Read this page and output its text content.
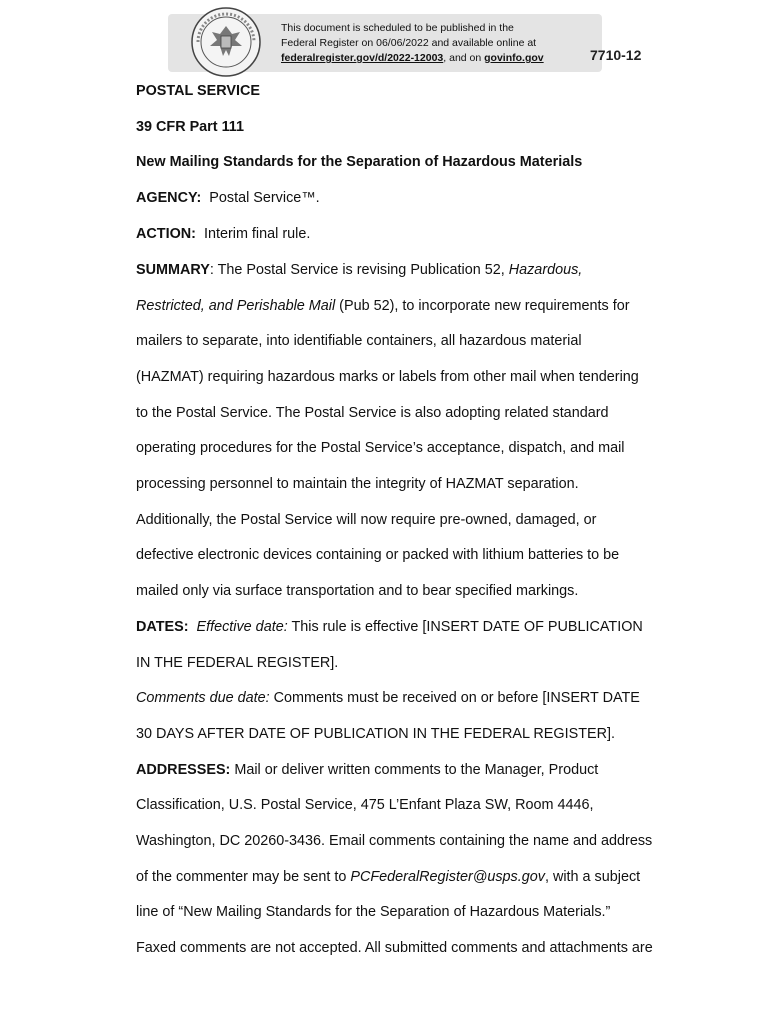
This document is scheduled to be published in the
Federal Register on 06/06/2022 and available online at
federalregister.gov/d/2022-12003, and on govinfo.gov	7710-12
POSTAL SERVICE
39 CFR Part 111
New Mailing Standards for the Separation of Hazardous Materials
AGENCY: Postal Service™.
ACTION: Interim final rule.
SUMMARY: The Postal Service is revising Publication 52, Hazardous,
Restricted, and Perishable Mail (Pub 52), to incorporate new requirements for
mailers to separate, into identifiable containers, all hazardous material
(HAZMAT) requiring hazardous marks or labels from other mail when tendering
to the Postal Service. The Postal Service is also adopting related standard
operating procedures for the Postal Service’s acceptance, dispatch, and mail
processing personnel to maintain the integrity of HAZMAT separation.
Additionally, the Postal Service will now require pre-owned, damaged, or
defective electronic devices containing or packed with lithium batteries to be
mailed only via surface transportation and to bear specified markings.
DATES: Effective date: This rule is effective [INSERT DATE OF PUBLICATION
IN THE FEDERAL REGISTER].
Comments due date: Comments must be received on or before [INSERT DATE
30 DAYS AFTER DATE OF PUBLICATION IN THE FEDERAL REGISTER].
ADDRESSES: Mail or deliver written comments to the Manager, Product
Classification, U.S. Postal Service, 475 L’Enfant Plaza SW, Room 4446,
Washington, DC 20260-3436. Email comments containing the name and address
of the commenter may be sent to PCFederalRegister@usps.gov, with a subject
line of “New Mailing Standards for the Separation of Hazardous Materials.”
Faxed comments are not accepted. All submitted comments and attachments are
